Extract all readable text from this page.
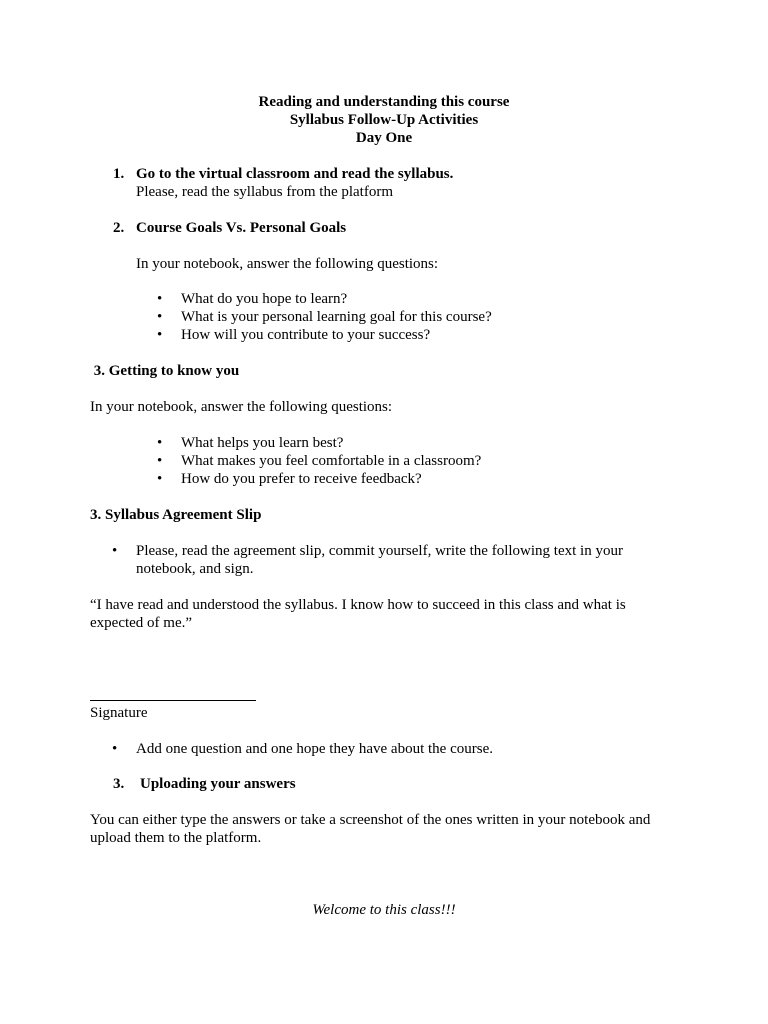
Reading and understanding this course
Syllabus Follow-Up Activities
Day One
1. Go to the virtual classroom and read the syllabus.
Please, read the syllabus from the platform
2. Course Goals Vs. Personal Goals
In your notebook, answer the following questions:
• What do you hope to learn?
• What is your personal learning goal for this course?
• How will you contribute to your success?
3. Getting to know you
In your notebook, answer the following questions:
• What helps you learn best?
• What makes you feel comfortable in a classroom?
• How do you prefer to receive feedback?
3. Syllabus Agreement Slip
• Please, read the agreement slip, commit yourself, write the following text in your
notebook, and sign.
“I have read and understood the syllabus. I know how to succeed in this class and what is
expected of me.”
Signature
• Add one question and one hope they have about the course.
3. Uploading your answers
You can either type the answers or take a screenshot of the ones written in your notebook and
upload them to the platform.
Welcome to this class!!!
